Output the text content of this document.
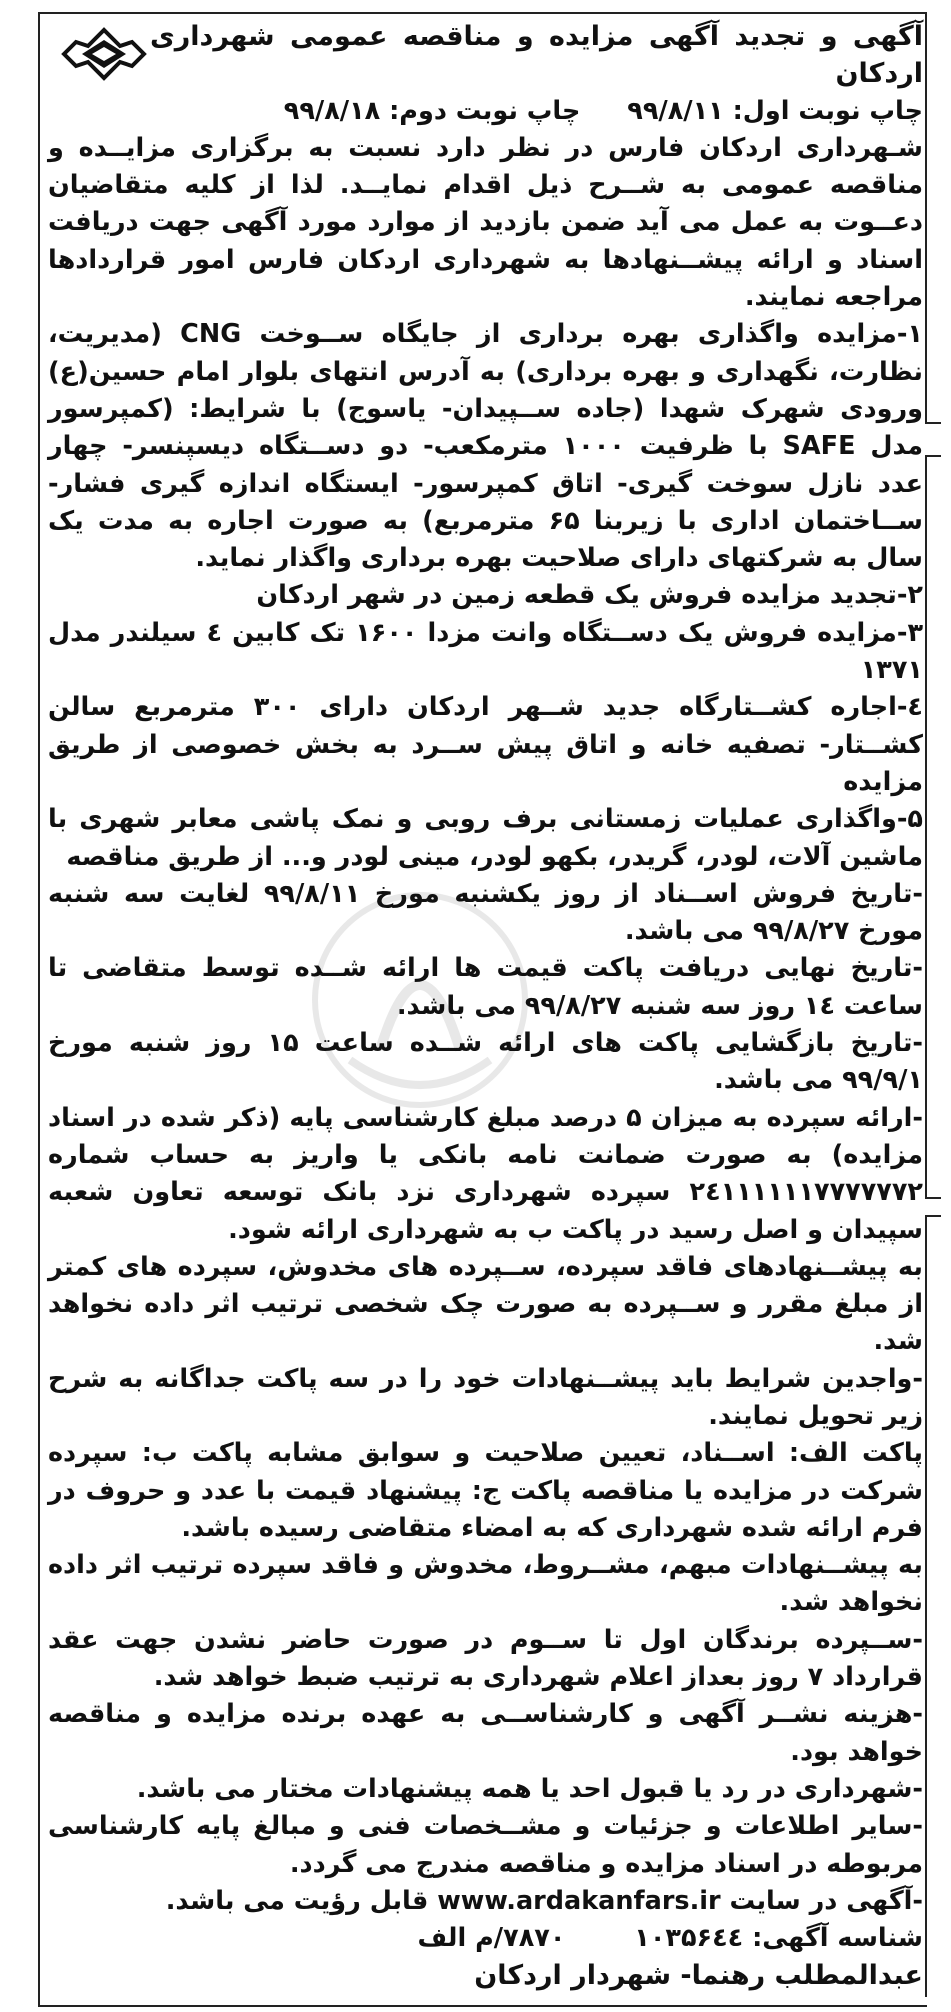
آگهی و تجدید آگهی مزایده و مناقصه عمومی شهرداری اردکان
چاپ نوبت اول: ۹۹/۸/۱۱ چاپ نوبت دوم: ۹۹/۸/۱۸
شـهرداری اردکان فارس در نظر دارد نسبت به برگزاری مزایــده و مناقصه عمومی به شــرح ذیل اقدام نمایــد. لذا از کلیه متقاضیان دعــوت به عمل می آید ضمن بازدید از موارد مورد آگهی جهت دریافت اسناد و ارائه پیشــنهادها به شهرداری اردکان فارس امور قراردادها مراجعه نمایند.
۱-مزایده واگذاری بهره برداری از جایگاه ســوخت CNG (مدیریت، نظارت، نگهداری و بهره برداری) به آدرس انتهای بلوار امام حسین(ع) ورودی شهرک شهدا (جاده ســپیدان- یاسوج) با شرایط: (کمپرسور مدل SAFE با ظرفیت ۱۰۰۰ مترمکعب- دو دســتگاه دیسپنسر- چهار عدد نازل سوخت گیری- اتاق کمپرسور- ایستگاه اندازه گیری فشار- ســاختمان اداری با زیربنا ۶۵ مترمربع) به صورت اجاره به مدت یک سال به شرکتهای دارای صلاحیت بهره برداری واگذار نماید.
۲-تجدید مزایده فروش یک قطعه زمین در شهر اردکان
۳-مزایده فروش یک دســتگاه وانت مزدا ۱۶۰۰ تک کابین ٤ سیلندر مدل ۱۳۷۱
٤-اجاره کشــتارگاه جدید شــهر اردکان دارای ۳۰۰ مترمربع سالن کشــتار- تصفیه خانه و اتاق پیش ســرد به بخش خصوصی از طریق مزایده
۵-واگذاری عملیات زمستانی برف روبی و نمک پاشی معابر شهری با ماشین آلات، لودر، گریدر، بکهو لودر، مینی لودر و... از طریق مناقصه
-تاریخ فروش اســناد از روز یکشنبه مورخ ۹۹/۸/۱۱ لغایت سه شنبه مورخ ۹۹/۸/۲۷ می باشد.
-تاریخ نهایی دریافت پاکت قیمت ها ارائه شــده توسط متقاضی تا ساعت ۱٤ روز سه شنبه ۹۹/۸/۲۷ می باشد.
-تاریخ بازگشایی پاکت های ارائه شــده ساعت ۱۵ روز شنبه مورخ ۹۹/۹/۱ می باشد.
-ارائه سپرده به میزان ۵ درصد مبلغ کارشناسی پایه (ذکر شده در اسناد مزایده) به صورت ضمانت نامه بانکی یا واریز به حساب شماره ۲٤۱۱۱۱۱۱۷۷۷۷۷۷۲ سپرده شهرداری نزد بانک توسعه تعاون شعبه سپیدان و اصل رسید در پاکت ب به شهرداری ارائه شود.
به پیشــنهادهای فاقد سپرده، ســپرده های مخدوش، سپرده های کمتر از مبلغ مقرر و ســپرده به صورت چک شخصی ترتیب اثر داده نخواهد شد.
-واجدین شرایط باید پیشــنهادات خود را در سه پاکت جداگانه به شرح زیر تحویل نمایند.
پاکت الف: اســناد، تعیین صلاحیت و سوابق مشابه پاکت ب: سپرده شرکت در مزایده یا مناقصه پاکت ج: پیشنهاد قیمت با عدد و حروف در فرم ارائه شده شهرداری که به امضاء متقاضی رسیده باشد.
به پیشــنهادات مبهم، مشــروط، مخدوش و فاقد سپرده ترتیب اثر داده نخواهد شد.
-ســپرده برندگان اول تا ســوم در صورت حاضر نشدن جهت عقد قرارداد ۷ روز بعداز اعلام شهرداری به ترتیب ضبط خواهد شد.
-هزینه نشــر آگهی و کارشناســی به عهده برنده مزایده و مناقصه خواهد بود.
-شهرداری در رد یا قبول احد یا همه پیشنهادات مختار می باشد.
-سایر اطلاعات و جزئیات و مشــخصات فنی و مبالغ پایه کارشناسی مربوطه در اسناد مزایده و مناقصه مندرج می گردد.
-آگهی در سایت www.ardakanfars.ir قابل رؤیت می باشد.
شناسه آگهی: ۱۰۳۵۶٤٤ ۷۸۷۰/م الف
عبدالمطلب رهنما- شهردار اردکان
